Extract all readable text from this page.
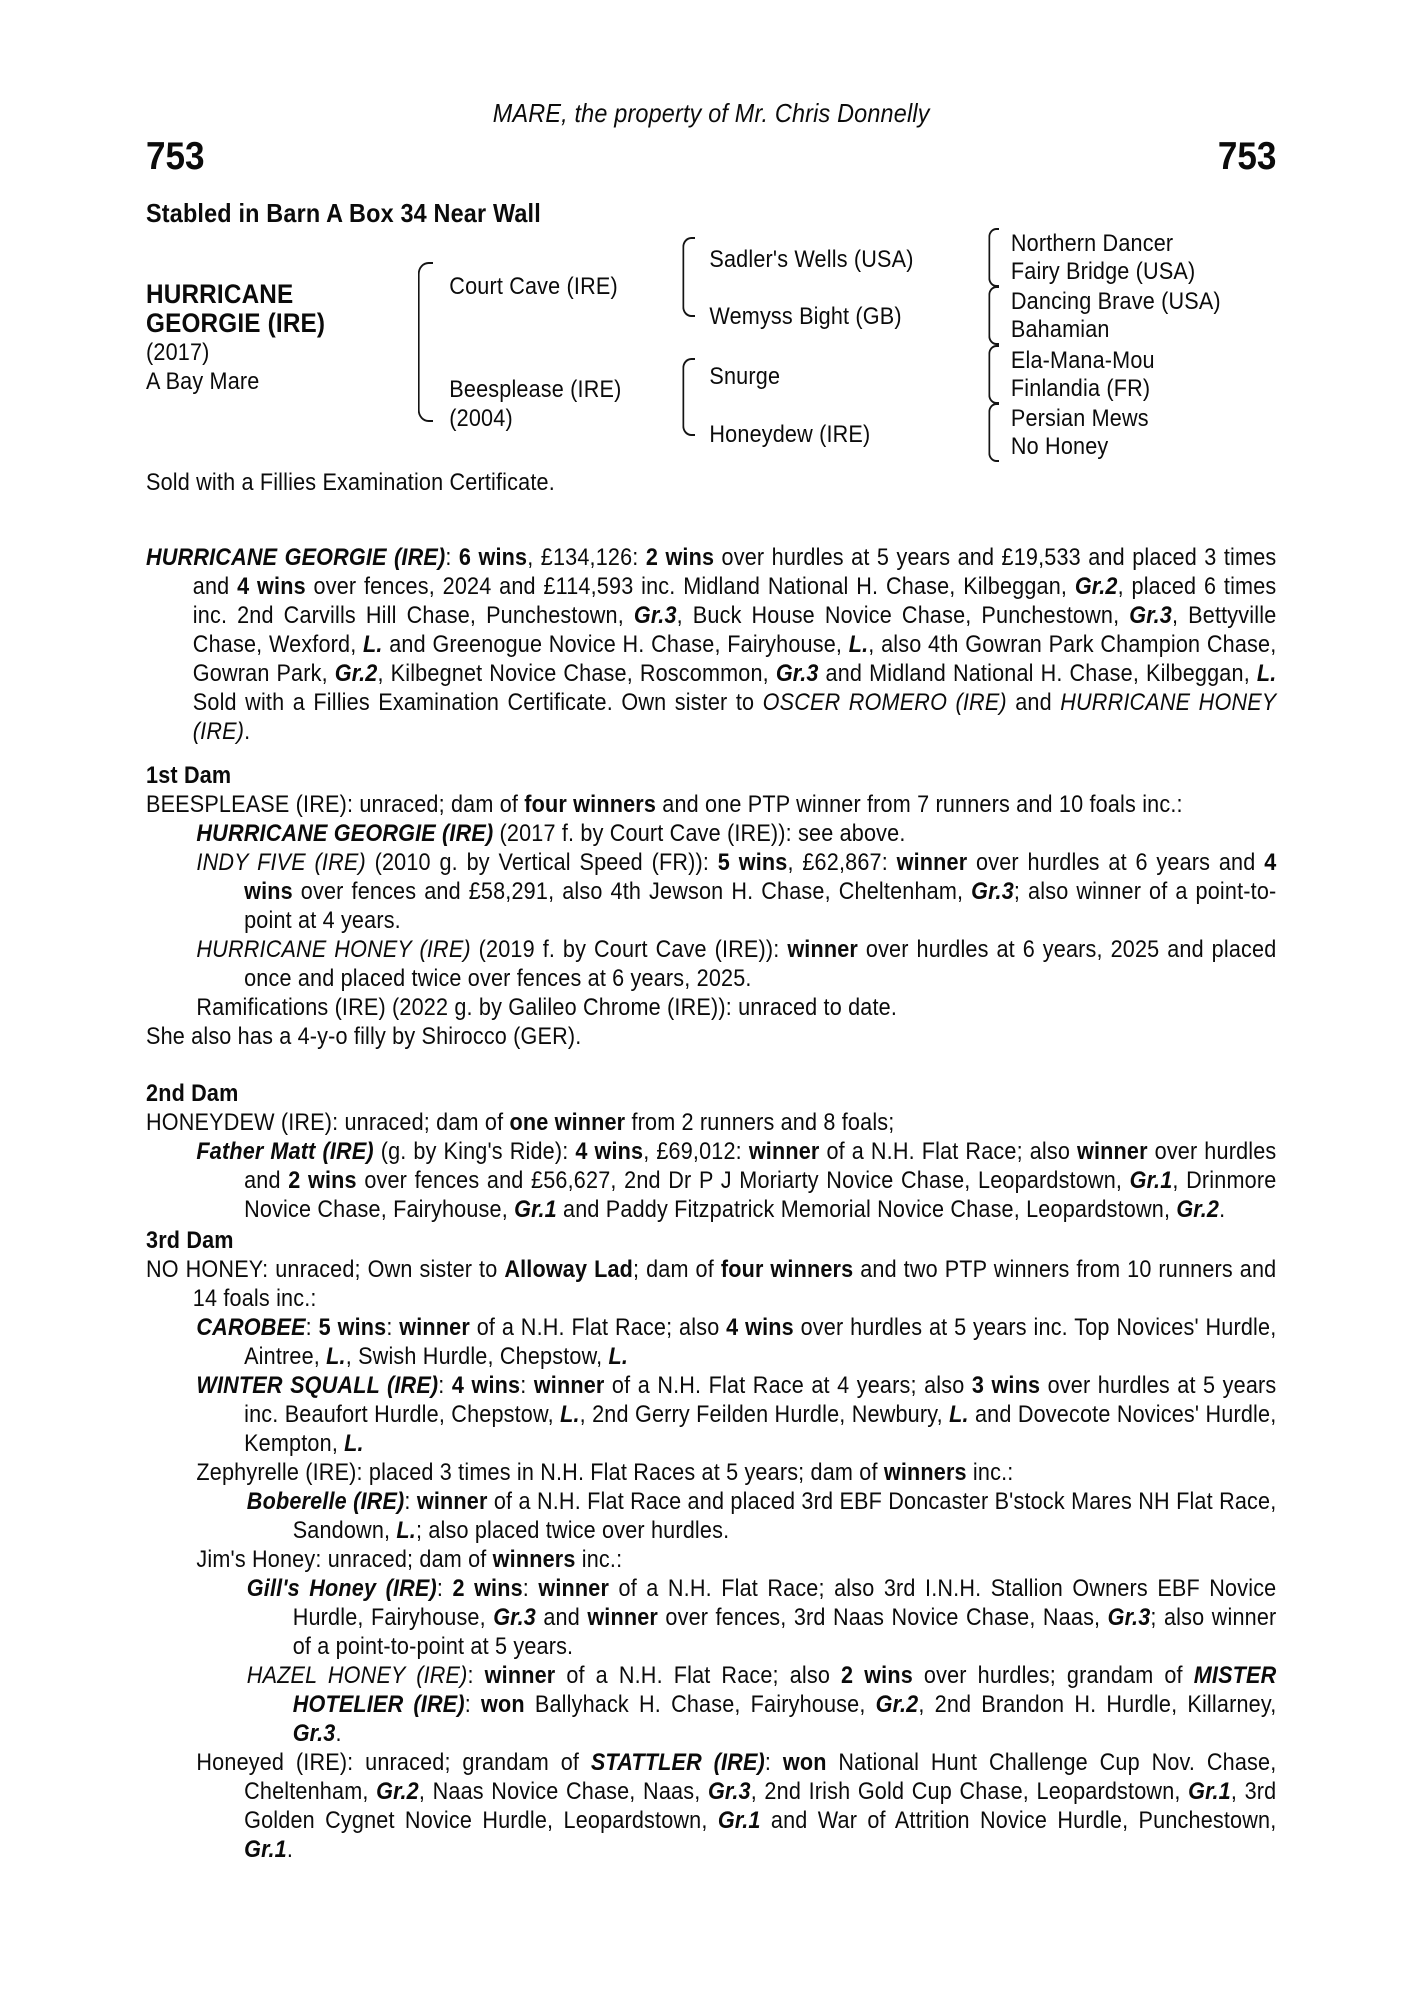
MARE, the property of Mr. Chris Donnelly
753	753
Stabled in Barn A Box 34 Near Wall
HURRICANE
GEORGIE (IRE)
(2017)
A Bay Mare
Court Cave (IRE)
Beesplease (IRE)
(2004)
Sadler's Wells (USA)
Wemyss Bight (GB)
Snurge
Honeydew (IRE)
Northern Dancer
Fairy Bridge (USA)
Dancing Brave (USA)
Bahamian
Ela-Mana-Mou
Finlandia (FR)
Persian Mews
No Honey
Sold with a Fillies Examination Certificate.
HURRICANE GEORGIE (IRE): 6 wins, £134,126: 2 wins over hurdles at 5 years and £19,533 and placed 3 times and 4 wins over fences, 2024 and £114,593 inc. Midland National H. Chase, Kilbeggan, Gr.2, placed 6 times inc. 2nd Carvills Hill Chase, Punchestown, Gr.3, Buck House Novice Chase, Punchestown, Gr.3, Bettyville Chase, Wexford, L. and Greenogue Novice H. Chase, Fairyhouse, L., also 4th Gowran Park Champion Chase, Gowran Park, Gr.2, Kilbegnet Novice Chase, Roscommon, Gr.3 and Midland National H. Chase, Kilbeggan, L. Sold with a Fillies Examination Certificate. Own sister to OSCER ROMERO (IRE) and HURRICANE HONEY (IRE).
1st Dam
BEESPLEASE (IRE): unraced; dam of four winners and one PTP winner from 7 runners and 10 foals inc.:
HURRICANE GEORGIE (IRE) (2017 f. by Court Cave (IRE)): see above.
INDY FIVE (IRE) (2010 g. by Vertical Speed (FR)): 5 wins, £62,867: winner over hurdles at 6 years and 4 wins over fences and £58,291, also 4th Jewson H. Chase, Cheltenham, Gr.3; also winner of a point-to-point at 4 years.
HURRICANE HONEY (IRE) (2019 f. by Court Cave (IRE)): winner over hurdles at 6 years, 2025 and placed once and placed twice over fences at 6 years, 2025.
Ramifications (IRE) (2022 g. by Galileo Chrome (IRE)): unraced to date.
She also has a 4-y-o filly by Shirocco (GER).
2nd Dam
HONEYDEW (IRE): unraced; dam of one winner from 2 runners and 8 foals;
Father Matt (IRE) (g. by King's Ride): 4 wins, £69,012: winner of a N.H. Flat Race; also winner over hurdles and 2 wins over fences and £56,627, 2nd Dr P J Moriarty Novice Chase, Leopardstown, Gr.1, Drinmore Novice Chase, Fairyhouse, Gr.1 and Paddy Fitzpatrick Memorial Novice Chase, Leopardstown, Gr.2.
3rd Dam
NO HONEY: unraced; Own sister to Alloway Lad; dam of four winners and two PTP winners from 10 runners and 14 foals inc.:
CAROBEE: 5 wins: winner of a N.H. Flat Race; also 4 wins over hurdles at 5 years inc. Top Novices' Hurdle, Aintree, L., Swish Hurdle, Chepstow, L.
WINTER SQUALL (IRE): 4 wins: winner of a N.H. Flat Race at 4 years; also 3 wins over hurdles at 5 years inc. Beaufort Hurdle, Chepstow, L., 2nd Gerry Feilden Hurdle, Newbury, L. and Dovecote Novices' Hurdle, Kempton, L.
Zephyrelle (IRE): placed 3 times in N.H. Flat Races at 5 years; dam of winners inc.:
Boberelle (IRE): winner of a N.H. Flat Race and placed 3rd EBF Doncaster B'stock Mares NH Flat Race, Sandown, L.; also placed twice over hurdles.
Jim's Honey: unraced; dam of winners inc.:
Gill's Honey (IRE): 2 wins: winner of a N.H. Flat Race; also 3rd I.N.H. Stallion Owners EBF Novice Hurdle, Fairyhouse, Gr.3 and winner over fences, 3rd Naas Novice Chase, Naas, Gr.3; also winner of a point-to-point at 5 years.
HAZEL HONEY (IRE): winner of a N.H. Flat Race; also 2 wins over hurdles; grandam of MISTER HOTELIER (IRE): won Ballyhack H. Chase, Fairyhouse, Gr.2, 2nd Brandon H. Hurdle, Killarney, Gr.3.
Honeyed (IRE): unraced; grandam of STATTLER (IRE): won National Hunt Challenge Cup Nov. Chase, Cheltenham, Gr.2, Naas Novice Chase, Naas, Gr.3, 2nd Irish Gold Cup Chase, Leopardstown, Gr.1, 3rd Golden Cygnet Novice Hurdle, Leopardstown, Gr.1 and War of Attrition Novice Hurdle, Punchestown, Gr.1.
